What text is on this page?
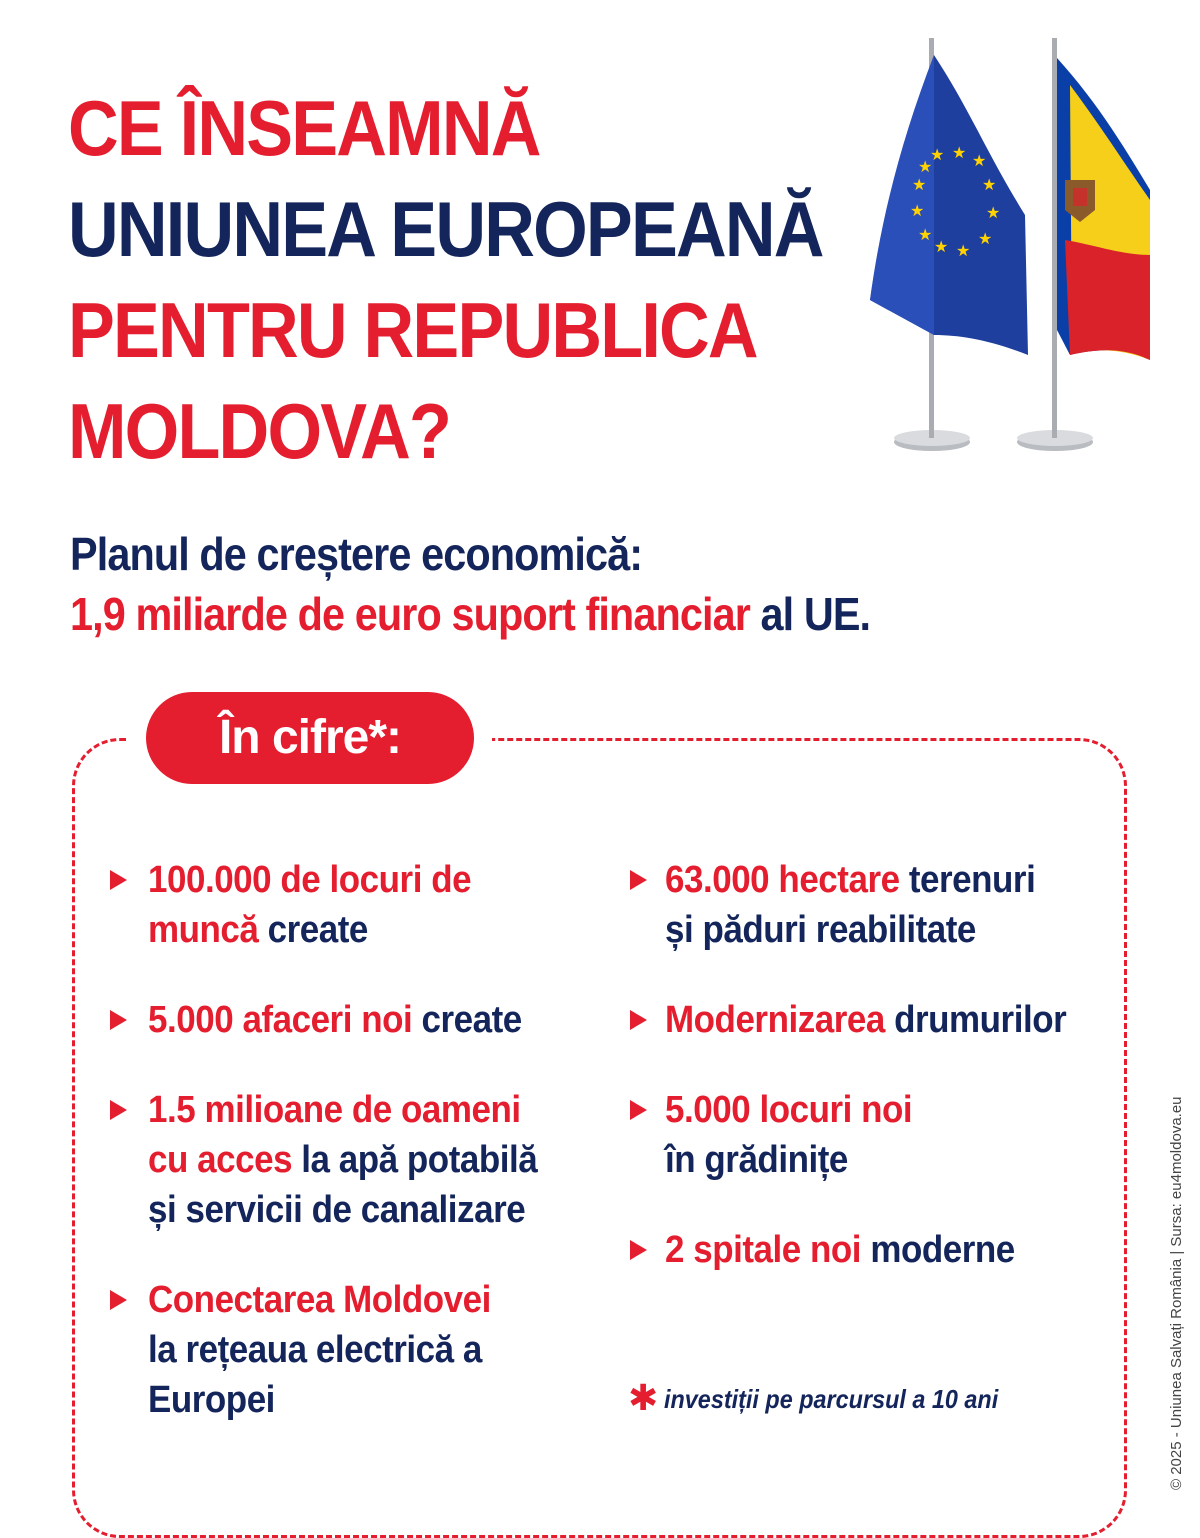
CE ÎNSEAMNĂ
UNIUNEA EUROPEANĂ
PENTRU REPUBLICA
MOLDOVA?
★ ★ ★
★
★
★
★
★
★
★
★
★
Planul de creștere economică:
1,9 miliarde de euro suport financiar al UE.
În cifre*:
100.000 de locuri de
muncă create
5.000 afaceri noi create
1.5 milioane de oameni
cu acces la apă potabilă
și servicii de canalizare
Conectarea Moldovei
la rețeaua electrică a
Europei
63.000 hectare terenuri
și păduri reabilitate
Modernizarea drumurilor
5.000 locuri noi
în grădinițe
2 spitale noi moderne
✱ investiții pe parcursul a 10 ani	© 2025 - Uniunea Salvați România | Sursa: eu4moldova.eu
